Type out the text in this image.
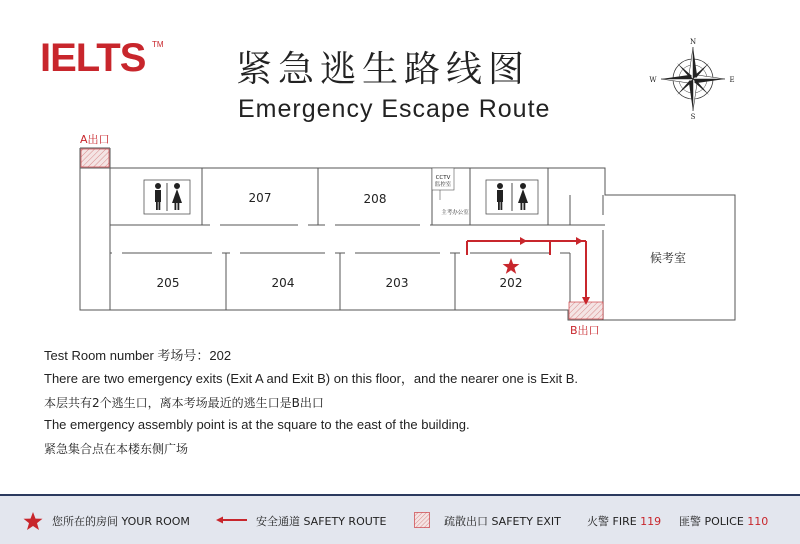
IELTS TM
紧急逃生路线图
Emergency Escape Route
N
S
E
W
207	208
205	204	203	202
候考室
CCTV
监控室
主考办公室
A出口
B出口
Test Room number 考场号：202
There are two emergency exits (Exit A and Exit B) on this floor，and the nearer one is Exit B.
本层共有2个逃生口，离本考场最近的逃生口是B出口
The emergency assembly point is at the square to the east of the building.
紧急集合点在本楼东侧广场
您所在的房间 YOUR ROOM	安全通道 SAFETY ROUTE	疏散出口 SAFETY EXIT 火警 FIRE 119 匪警 POLICE 110
